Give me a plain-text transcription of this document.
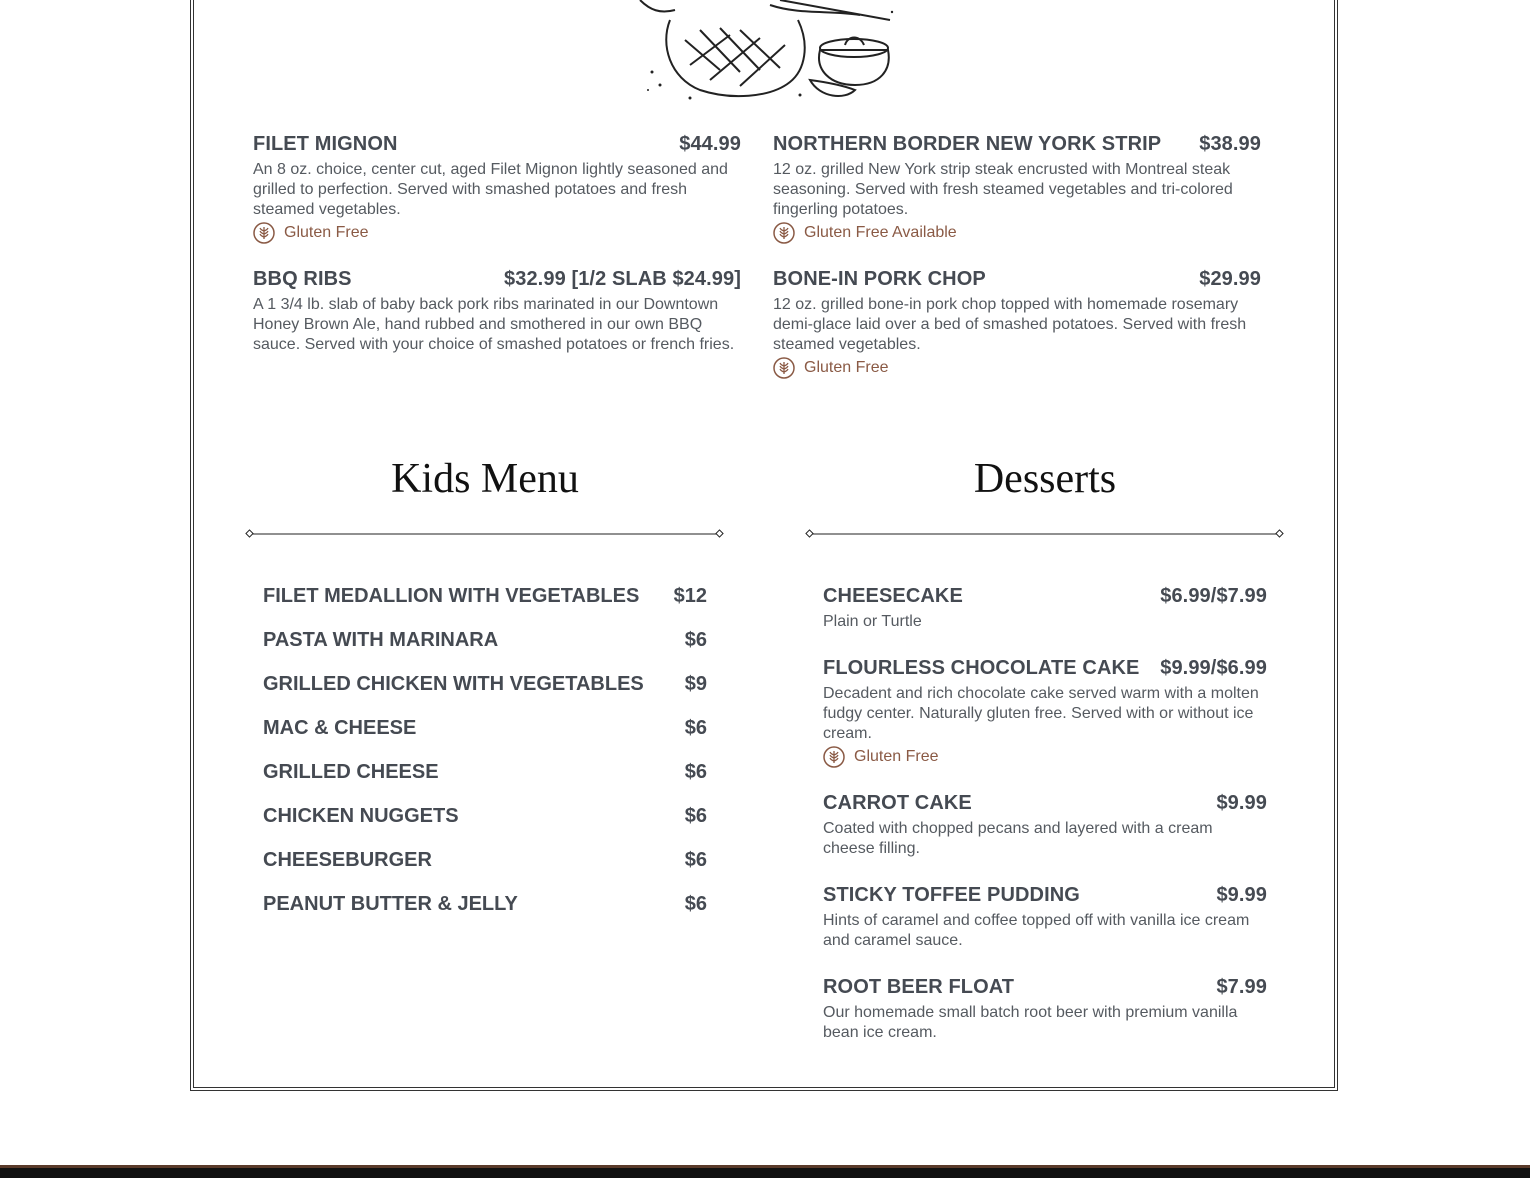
FILET MIGNON	$44.99
An 8 oz. choice, center cut, aged Filet Mignon lightly seasoned and grilled to perfection. Served with smashed potatoes and fresh steamed vegetables.
Gluten Free
NORTHERN BORDER NEW YORK STRIP $38.99
12 oz. grilled New York strip steak encrusted with Montreal steak seasoning. Served with fresh steamed vegetables and tri-colored fingerling potatoes.
Gluten Free Available
BBQ RIBS	$32.99 [1/2 SLAB $24.99]
A 1 3/4 lb. slab of baby back pork ribs marinated in our Downtown Honey Brown Ale, hand rubbed and smothered in our own BBQ sauce. Served with your choice of smashed potatoes or french fries.
BONE-IN PORK CHOP	$29.99
12 oz. grilled bone-in pork chop topped with homemade rosemary demi-glace laid over a bed of smashed potatoes. Served with fresh steamed vegetables.
Gluten Free
Kids Menu	Desserts
FILET MEDALLION WITH VEGETABLES $12
PASTA WITH MARINARA	$6
GRILLED CHICKEN WITH VEGETABLES $9
MAC & CHEESE	$6
GRILLED CHEESE	$6
CHICKEN NUGGETS	$6
CHEESEBURGER	$6
PEANUT BUTTER & JELLY	$6
CHEESECAKE	$6.99/$7.99
Plain or Turtle
FLOURLESS CHOCOLATE CAKE $9.99/$6.99
Decadent and rich chocolate cake served warm with a molten fudgy center. Naturally gluten free. Served with or without ice cream.
Gluten Free
CARROT CAKE	$9.99
Coated with chopped pecans and layered with a cream cheese filling.
STICKY TOFFEE PUDDING	$9.99
Hints of caramel and coffee topped off with vanilla ice cream and caramel sauce.
ROOT BEER FLOAT	$7.99
Our homemade small batch root beer with premium vanilla bean ice cream.
